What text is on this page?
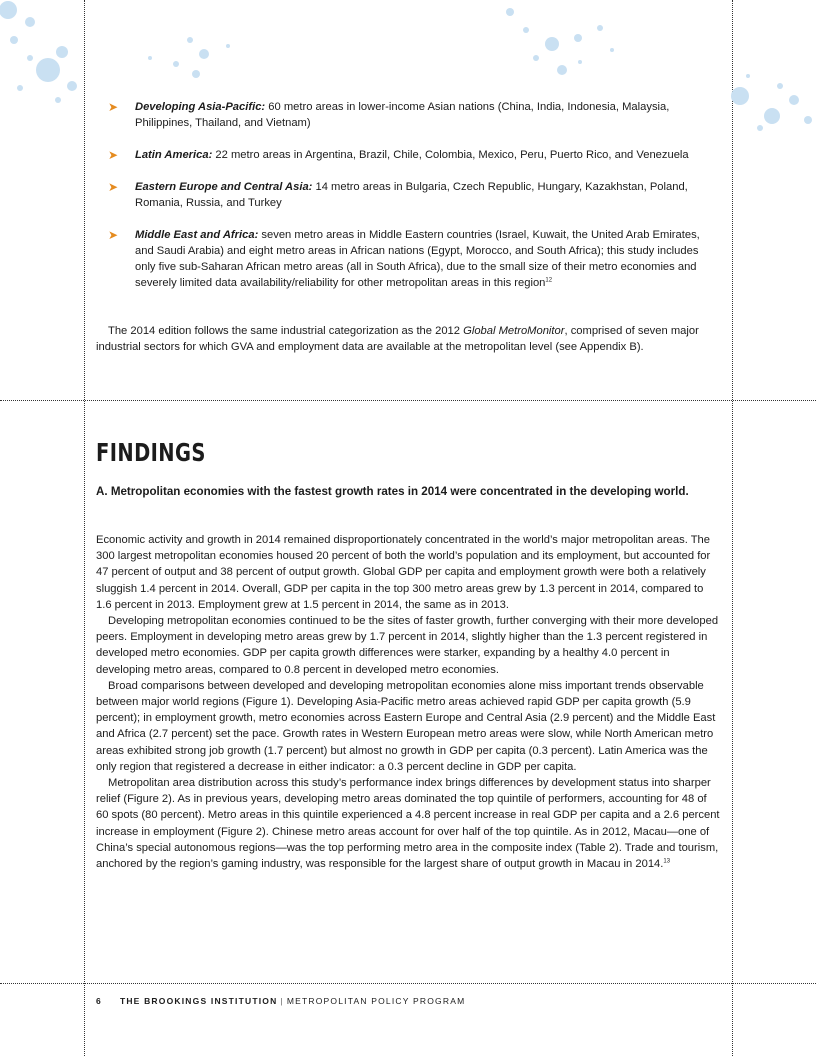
➤ Developing Asia-Pacific: 60 metro areas in lower-income Asian nations (China, India, Indonesia, Malaysia, Philippines, Thailand, and Vietnam)
➤ Latin America: 22 metro areas in Argentina, Brazil, Chile, Colombia, Mexico, Peru, Puerto Rico, and Venezuela
➤ Eastern Europe and Central Asia: 14 metro areas in Bulgaria, Czech Republic, Hungary, Kazakhstan, Poland, Romania, Russia, and Turkey
➤ Middle East and Africa: seven metro areas in Middle Eastern countries (Israel, Kuwait, the United Arab Emirates, and Saudi Arabia) and eight metro areas in African nations (Egypt, Morocco, and South Africa); this study includes only five sub-Saharan African metro areas (all in South Africa), due to the small size of their metro economies and severely limited data availability/reliability for other metropolitan areas in this region$^{12}$

The 2014 edition follows the same industrial categorization as the 2012 Global MetroMonitor, comprised of seven major industrial sectors for which GVA and employment data are available at the metropolitan level (see Appendix B).

FINDINGS

A. Metropolitan economies with the fastest growth rates in 2014 were concentrated in the developing world.

Economic activity and growth in 2014 remained disproportionately concentrated in the world’s major metropolitan areas. The 300 largest metropolitan economies housed 20 percent of both the world’s population and its employment, but accounted for 47 percent of output and 38 percent of output growth. Global GDP per capita and employment growth were both a relatively sluggish 1.4 percent in 2014. Overall, GDP per capita in the top 300 metro areas grew by 1.3 percent in 2014, compared to 1.6 percent in 2013. Employment grew at 1.5 percent in 2014, the same as in 2013.

Developing metropolitan economies continued to be the sites of faster growth, further converging with their more developed peers. Employment in developing metro areas grew by 1.7 percent in 2014, slightly higher than the 1.3 percent registered in developed metro economies. GDP per capita growth differences were starker, expanding by a healthy 4.0 percent in developing metro areas, compared to 0.8 percent in developed metro economies.

Broad comparisons between developed and developing metropolitan economies alone miss important trends observable between major world regions (Figure 1). Developing Asia-Pacific metro areas achieved rapid GDP per capita growth (5.9 percent); in employment growth, metro economies across Eastern Europe and Central Asia (2.9 percent) and the Middle East and Africa (2.7 percent) set the pace. Growth rates in Western European metro areas were slow, while North American metro areas exhibited strong job growth (1.7 percent) but almost no growth in GDP per capita (0.3 percent). Latin America was the only region that registered a decrease in either indicator: a 0.3 percent decline in GDP per capita.

Metropolitan area distribution across this study’s performance index brings differences by development status into sharper relief (Figure 2). As in previous years, developing metro areas dominated the top quintile of performers, accounting for 48 of 60 spots (80 percent). Metro areas in this quintile experienced a 4.8 percent increase in real GDP per capita and a 2.6 percent increase in employment (Figure 2). Chinese metro areas account for over half of the top quintile. As in 2012, Macau—one of China’s special autonomous regions—was the top performing metro area in the composite index (Table 2). Trade and tourism, anchored by the region’s gaming industry, was responsible for the largest share of output growth in Macau in 2014.13

6 THE BROOKINGS INSTITUTION | METROPOLITAN POLICY PROGRAM
